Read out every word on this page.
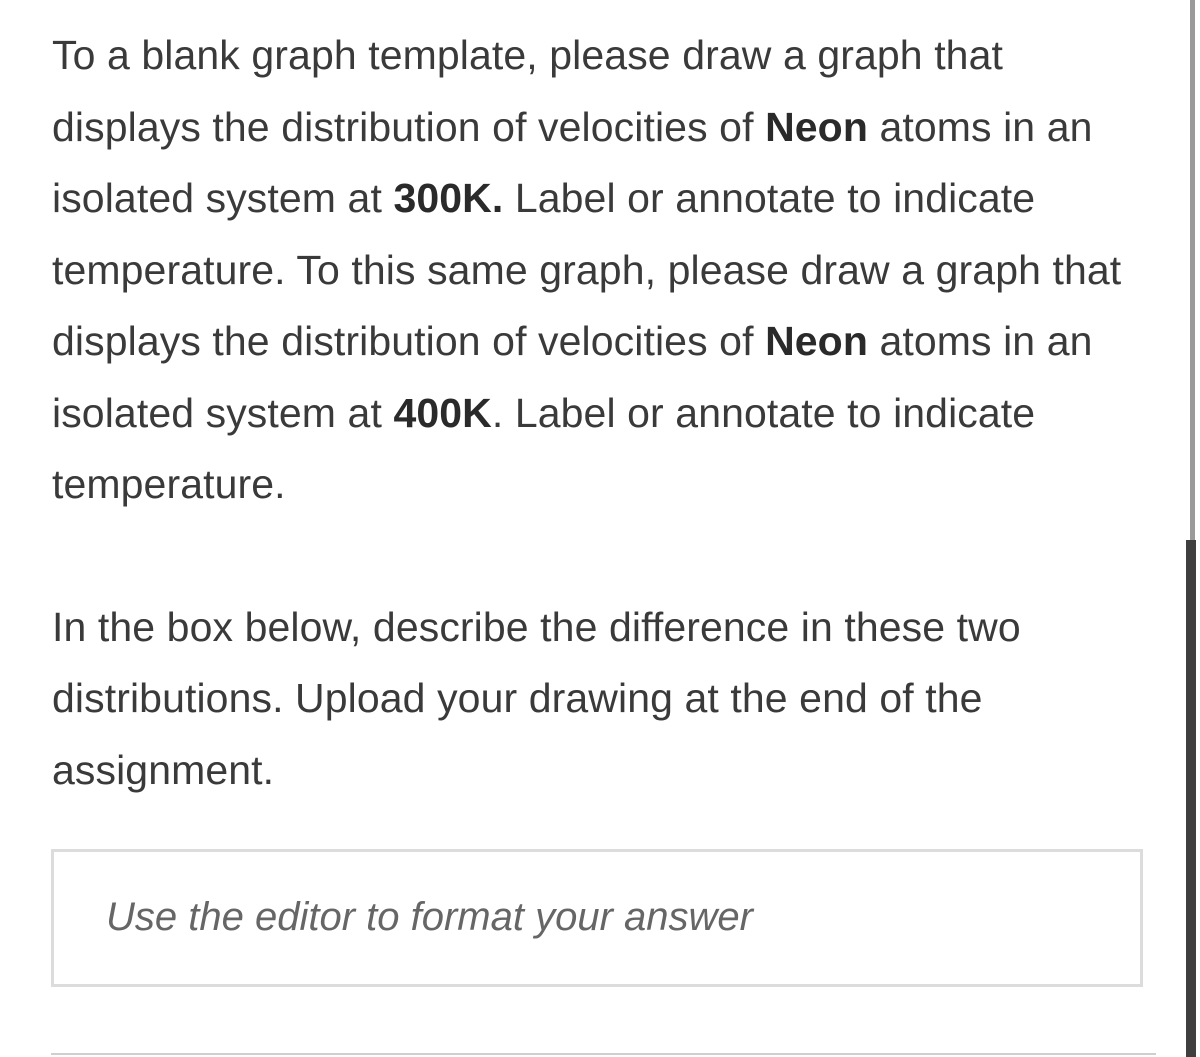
To a blank graph template, please draw a graph that displays the distribution of velocities of Neon atoms in an isolated system at 300K. Label or annotate to indicate temperature. To this same graph, please draw a graph that displays the distribution of velocities of Neon atoms in an isolated system at 400K. Label or annotate to indicate temperature.

In the box below, describe the difference in these two distributions. Upload your drawing at the end of the assignment.

Use the editor to format your answer
